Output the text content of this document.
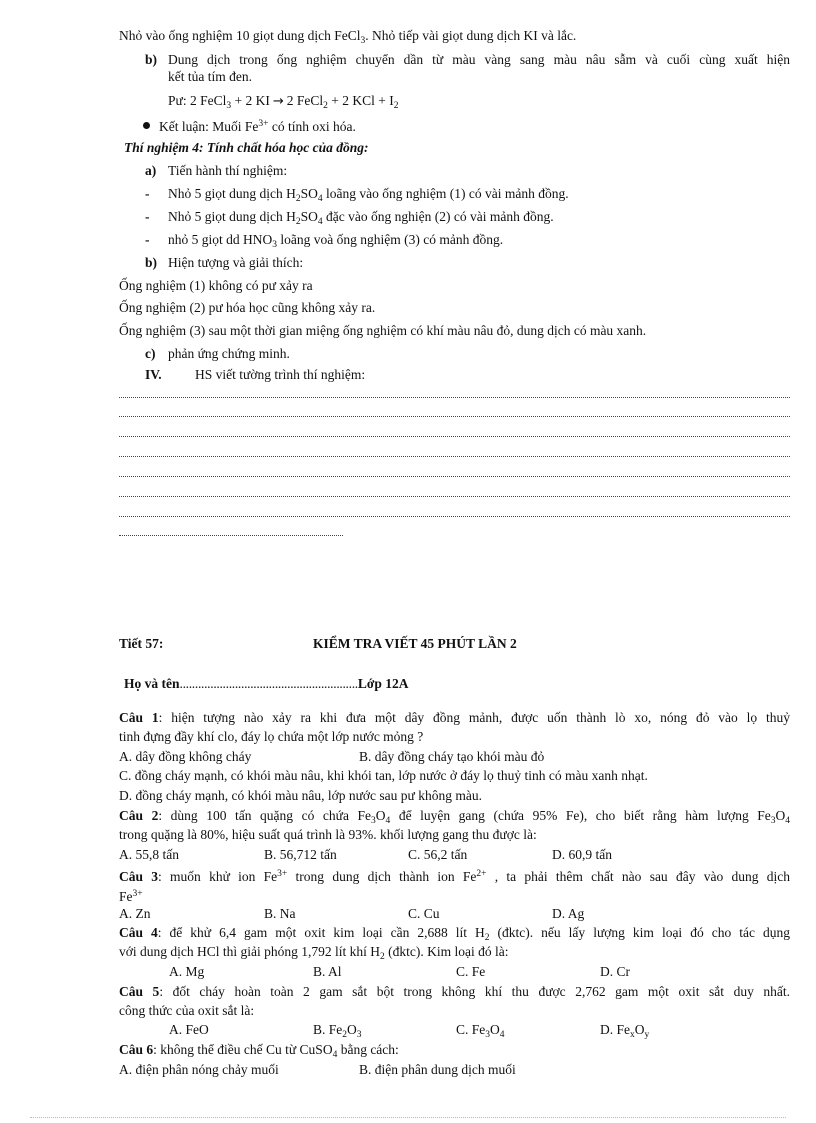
Nhỏ vào ống nghiệm 10 giọt dung dịch FeCl$_3$. Nhỏ tiếp vài giọt dung dịch KI và lắc.
b) Dung dịch trong ống nghiệm chuyển dần từ màu vàng sang màu nâu sẫm và cuối cùng xuất hiện
kết tủa tím đen.
Pư: 2 FeCl$_3$ + 2 KI → 2 FeCl$_2$ + 2 KCl + $I_2$
Kết luận: Muối $Fe^{3+}$ có tính oxi hóa.
Thí nghiệm 4: Tính chất hóa học của đồng:
a) Tiến hành thí nghiệm:
- Nhỏ 5 giọt dung dịch $H_2SO_4$ loãng vào ống nghiệm (1) có vài mảnh đồng.
- Nhỏ 5 giọt dung dịch $H_2SO_4$ đặc vào ống nghiện (2) có vài mảnh đồng.
- nhỏ 5 giọt dd $HNO_3$ loãng voà ống nghiệm (3) có mảnh đồng.
b) Hiện tượng và giải thích:
Ống nghiệm (1) không có pư xảy ra
Ống nghiệm (2) pư hóa học cũng không xảy ra.
Ống nghiệm (3) sau một thời gian miệng ống nghiệm có khí màu nâu đỏ, dung dịch có màu xanh.
c) phản ứng chứng minh.
IV. HS viết tường trình thí nghiệm:
Tiết 57:	KIỂM TRA VIẾT 45 PHÚT LẦN 2
Họ và tên..........................................................Lớp 12A
Câu 1: hiện tượng nào xảy ra khi đưa một dây đồng mảnh, được uốn thành lò xo, nóng đỏ vào lọ thuỷ
tinh đựng đầy khí clo, đáy lọ chứa một lớp nước mỏng ?
A. dây đồng không cháy	B. dây đồng cháy tạo khói màu đỏ
C. đồng cháy mạnh, có khói màu nâu, khi khói tan, lớp nước ở đáy lọ thuỷ tinh có màu xanh nhạt.
D. đồng cháy mạnh, có khói màu nâu, lớp nước sau pư không màu.
Câu 2: dùng 100 tấn quặng có chứa $Fe_3O_4$ để luyện gang (chứa 95% Fe), cho biết rằng hàm lượng $Fe_3O_4$
trong quặng là 80%, hiệu suất quá trình là 93%. khối lượng gang thu được là:
A. 55,8 tấn	B. 56,712 tấn	C. 56,2 tấn	D. 60,9 tấn
Câu 3: muốn khử ion $Fe^{3+}$ trong dung dịch thành ion $Fe^{2+}$ , ta phải thêm chất nào sau đây vào dung dịch
$Fe^{3+}$
A. Zn	B. Na	C. Cu	D. Ag
Câu 4: để khử 6,4 gam một oxit kim loại cần 2,688 lít $H_2$ (đktc). nếu lấy lượng kim loại đó cho tác dụng
với dung dịch HCl thì giải phóng 1,792 lít khí $H_2$ (đktc). Kim loại đó là:
A. Mg	B. Al	C. Fe	D. Cr
Câu 5: đốt cháy hoàn toàn 2 gam sắt bột trong không khí thu được 2,762 gam một oxit sắt duy nhất.
công thức của oxit sắt là:
A. FeO	B. $Fe_2O_3$	C. $Fe_3O_4$	D. $Fe_xO_y$
Câu 6: không thể điều chế Cu từ CuSO$_4$ bằng cách:
A. điện phân nóng chảy muối	B. điện phân dung dịch muối
